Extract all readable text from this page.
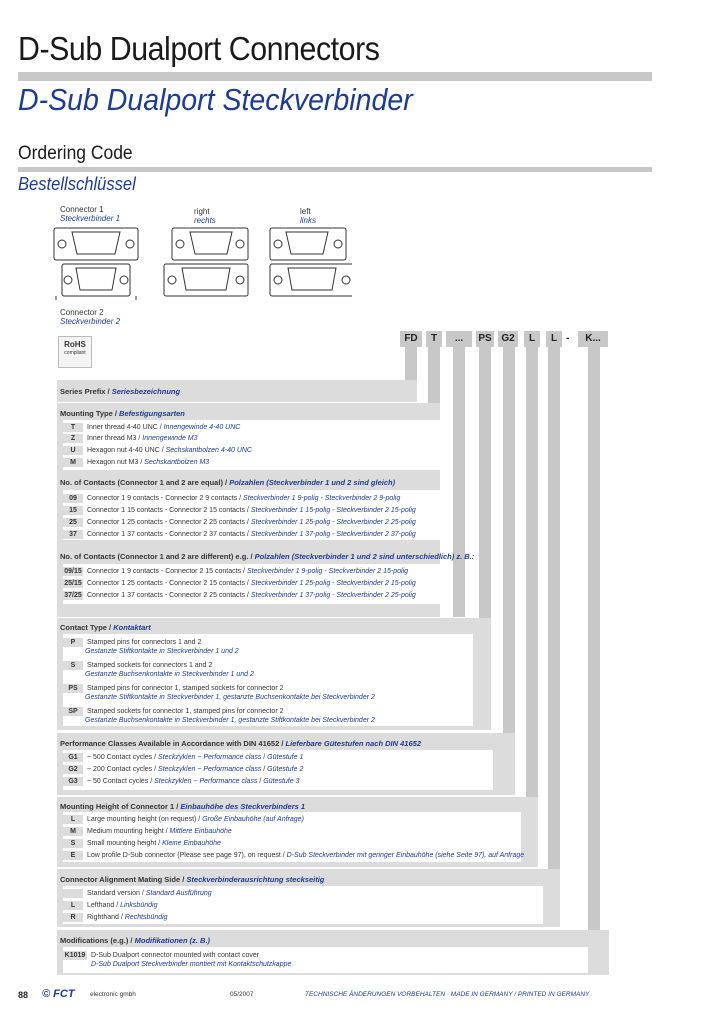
D-Sub Dualport Connectors
D-Sub Dualport Steckverbinder
Ordering Code
Bestellschlüssel
Connector 1
Steckverbinder 1
right
rechts
left
links
Connector 2
Steckverbinder 2
RoHS
compliant
FD	T	...	PS G2	L	L -	K...
Series Prefix / Seriesbezeichnung
Mounting Type / Befestigungsarten
T Inner thread 4-40 UNC / Innengewinde 4-40 UNC
Z Inner thread M3 / Innengewinde M3
U Hexagon nut 4-40 UNC / Sechskantbolzen 4-40 UNC
M Hexagon nut M3 / Sechskantbolzen M3
No. of Contacts (Connector 1 and 2 are equal) / Polzahlen (Steckverbinder 1 und 2 sind gleich)
09 Connector 1 9 contacts - Connector 2 9 contacts / Steckverbinder 1 9-polig - Steckverbinder 2 9-polig
15 Connector 1 15 contacts - Connector 2 15 contacts / Steckverbinder 1 15-polig - Steckverbinder 2 15-polig
25 Connector 1 25 contacts - Connector 2 25 contacts / Steckverbinder 1 25-polig - Steckverbinder 2 25-polig
37 Connector 1 37 contacts - Connector 2 37 contacts / Steckverbinder 1 37-polig - Steckverbinder 2 37-polig
No. of Contacts (Connector 1 and 2 are different) e.g. / Polzahlen (Steckverbinder 1 und 2 sind unterschiedlich) z. B.:
09/15 Connector 1 9 contacts - Connector 2 15 contacts / Steckverbinder 1 9-polig - Steckverbinder 2 15-polig
25/15 Connector 1 25 contacts - Connector 2 15 contacts / Steckverbinder 1 25-polig - Steckverbinder 2 15-polig
37/25 Connector 1 37 contacts - Connector 2 25 contacts / Steckverbinder 1 37-polig - Steckverbinder 2 25-polig
Contact Type / Kontaktart
P Stamped pins for connectors 1 and 2
Gestanzte Stiftkontakte in Steckverbinder 1 und 2
S Stamped sockets for connectors 1 and 2
Gestanzte Buchsenkontakte in Steckverbinder 1 und 2
PS Stamped pins for connector 1, stamped sockets for connector 2
Gestanzte Stiftkontakte in Steckverbinder 1, gestanzte Buchsenkontakte bei Steckverbinder 2
SP Stamped sockets for connector 1, stamped pins for connector 2
Gestanzte Buchsenkontakte in Steckverbinder 1, gestanzte Stiftkontakte bei Steckverbinder 2
Performance Classes Available in Accordance with DIN 41652 / Lieferbare Gütestufen nach DIN 41652
G1 ~ 500 Contact cycles / Steckzyklen ~ Performance class / Gütestufe 1
G2 ~ 200 Contact cycles / Steckzyklen ~ Performance class / Gütestufe 2
G3 ~ 50 Contact cycles / Steckzyklen ~ Performance class / Gütestufe 3
Mounting Height of Connector 1 / Einbauhöhe des Steckverbinders 1
L Large mounting height (on request) / Große Einbauhöhe (auf Anfrage)
M Medium mounting height / Mittlere Einbauhöhe
S Small mounting height / Kleine Einbauhöhe
E Low profile D-Sub connector (Please see page 97), on request / D-Sub Steckverbinder mit geringer Einbauhöhe (siehe Seite 97), auf Anfrage
Connector Alignment Mating Side / Steckverbinderausrichtung steckseitig
Standard version / Standard Ausführung
L Lefthand / Linksbündig
R Righthand / Rechtsbündig
Modifications (e.g.) / Modifikationen (z. B.)
K1019 D-Sub Dualport connector mounted with contact cover
D-Sub Dualport Steckverbinder montiert mit Kontaktschutzkappe
88 © FCT electronic gmbh	05/2007	TECHNISCHE ÄNDERUNGEN VORBEHALTEN · MADE IN GERMANY / PRINTED IN GERMANY
